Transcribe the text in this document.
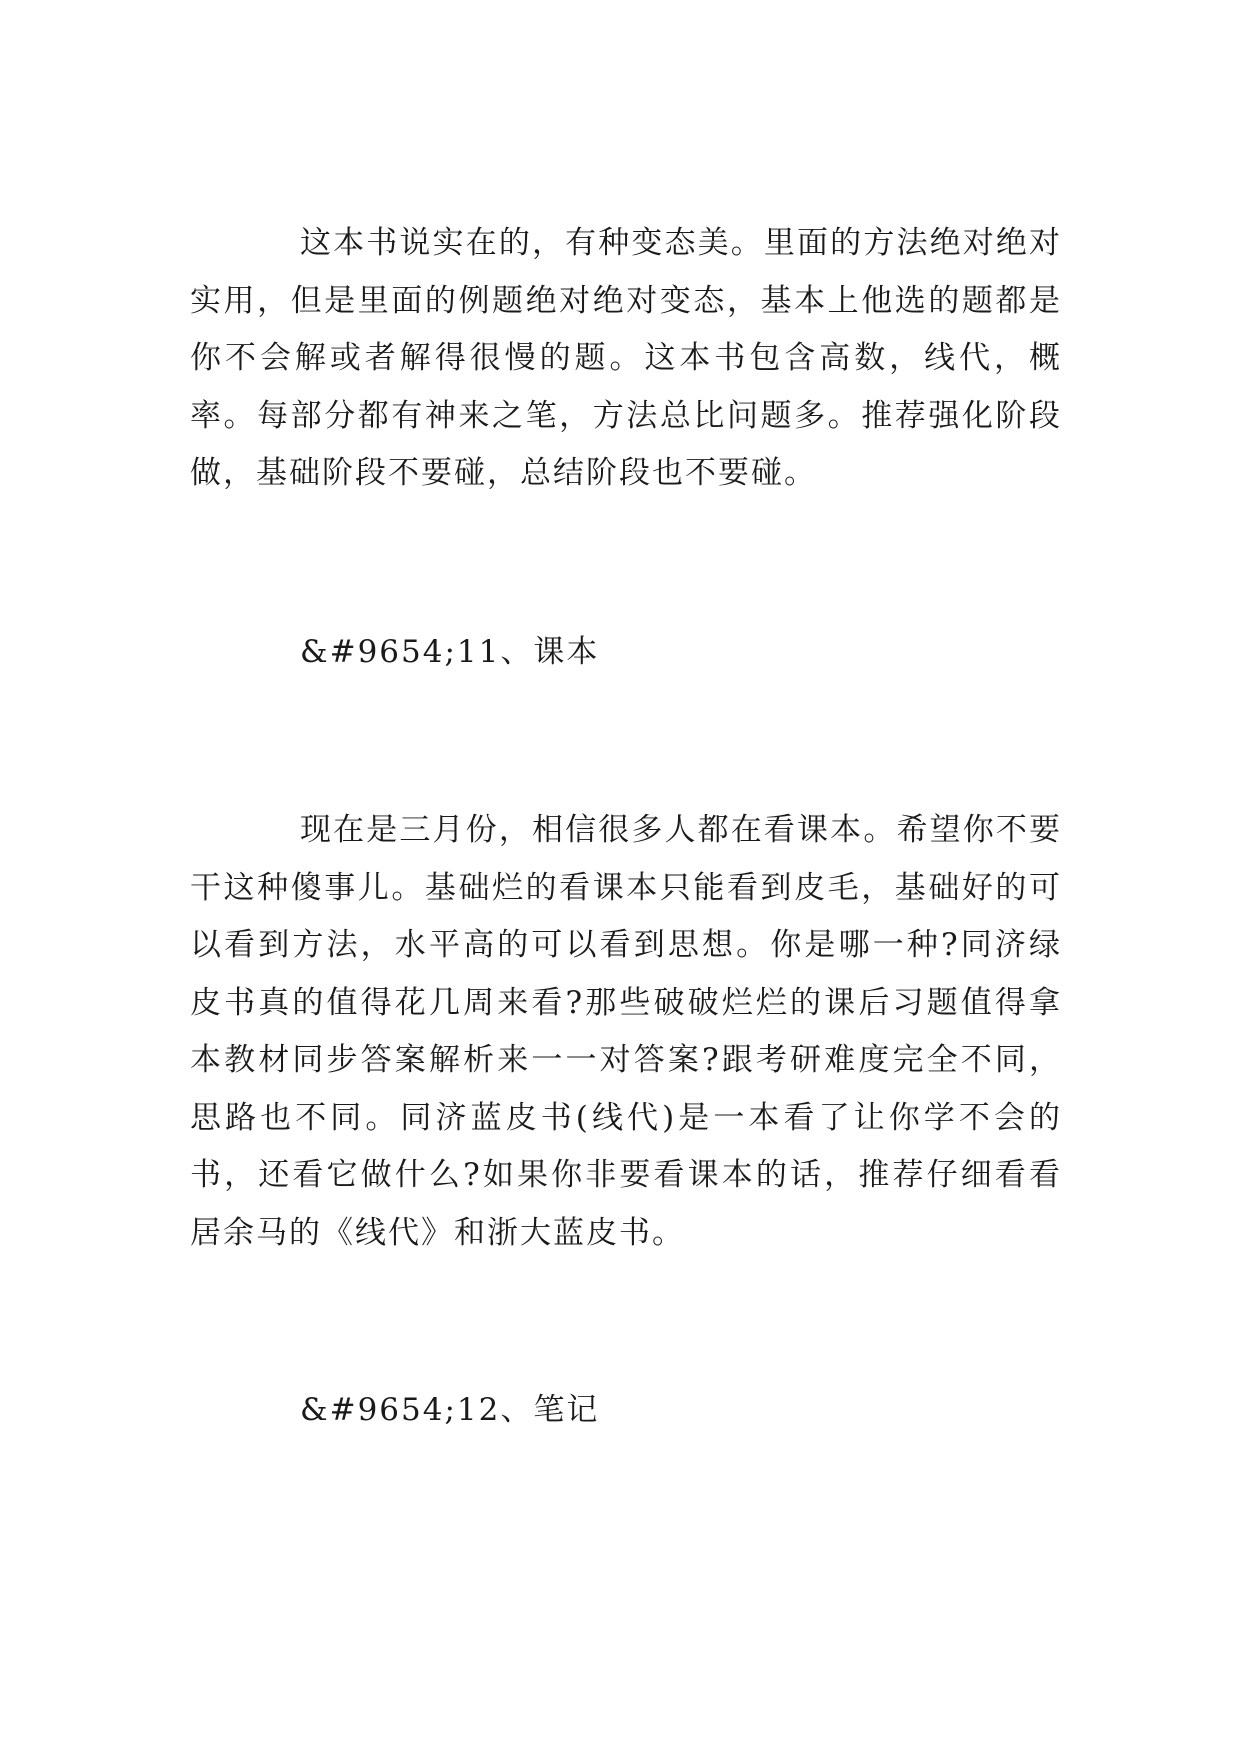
这本书说实在的，有种变态美。里面的方法绝对绝对实用，但是里面的例题绝对绝对变态，基本上他选的题都是你不会解或者解得很慢的题。这本书包含高数，线代，概率。每部分都有神来之笔，方法总比问题多。推荐强化阶段做，基础阶段不要碰，总结阶段也不要碰。

&#9654;11、课本

现在是三月份，相信很多人都在看课本。希望你不要干这种傻事儿。基础烂的看课本只能看到皮毛，基础好的可以看到方法，水平高的可以看到思想。你是哪一种?同济绿皮书真的值得花几周来看?那些破破烂烂的课后习题值得拿本教材同步答案解析来一一对答案?跟考研难度完全不同，思路也不同。同济蓝皮书(线代)是一本看了让你学不会的书，还看它做什么?如果你非要看课本的话，推荐仔细看看居余马的《线代》和浙大蓝皮书。

&#9654;12、笔记
